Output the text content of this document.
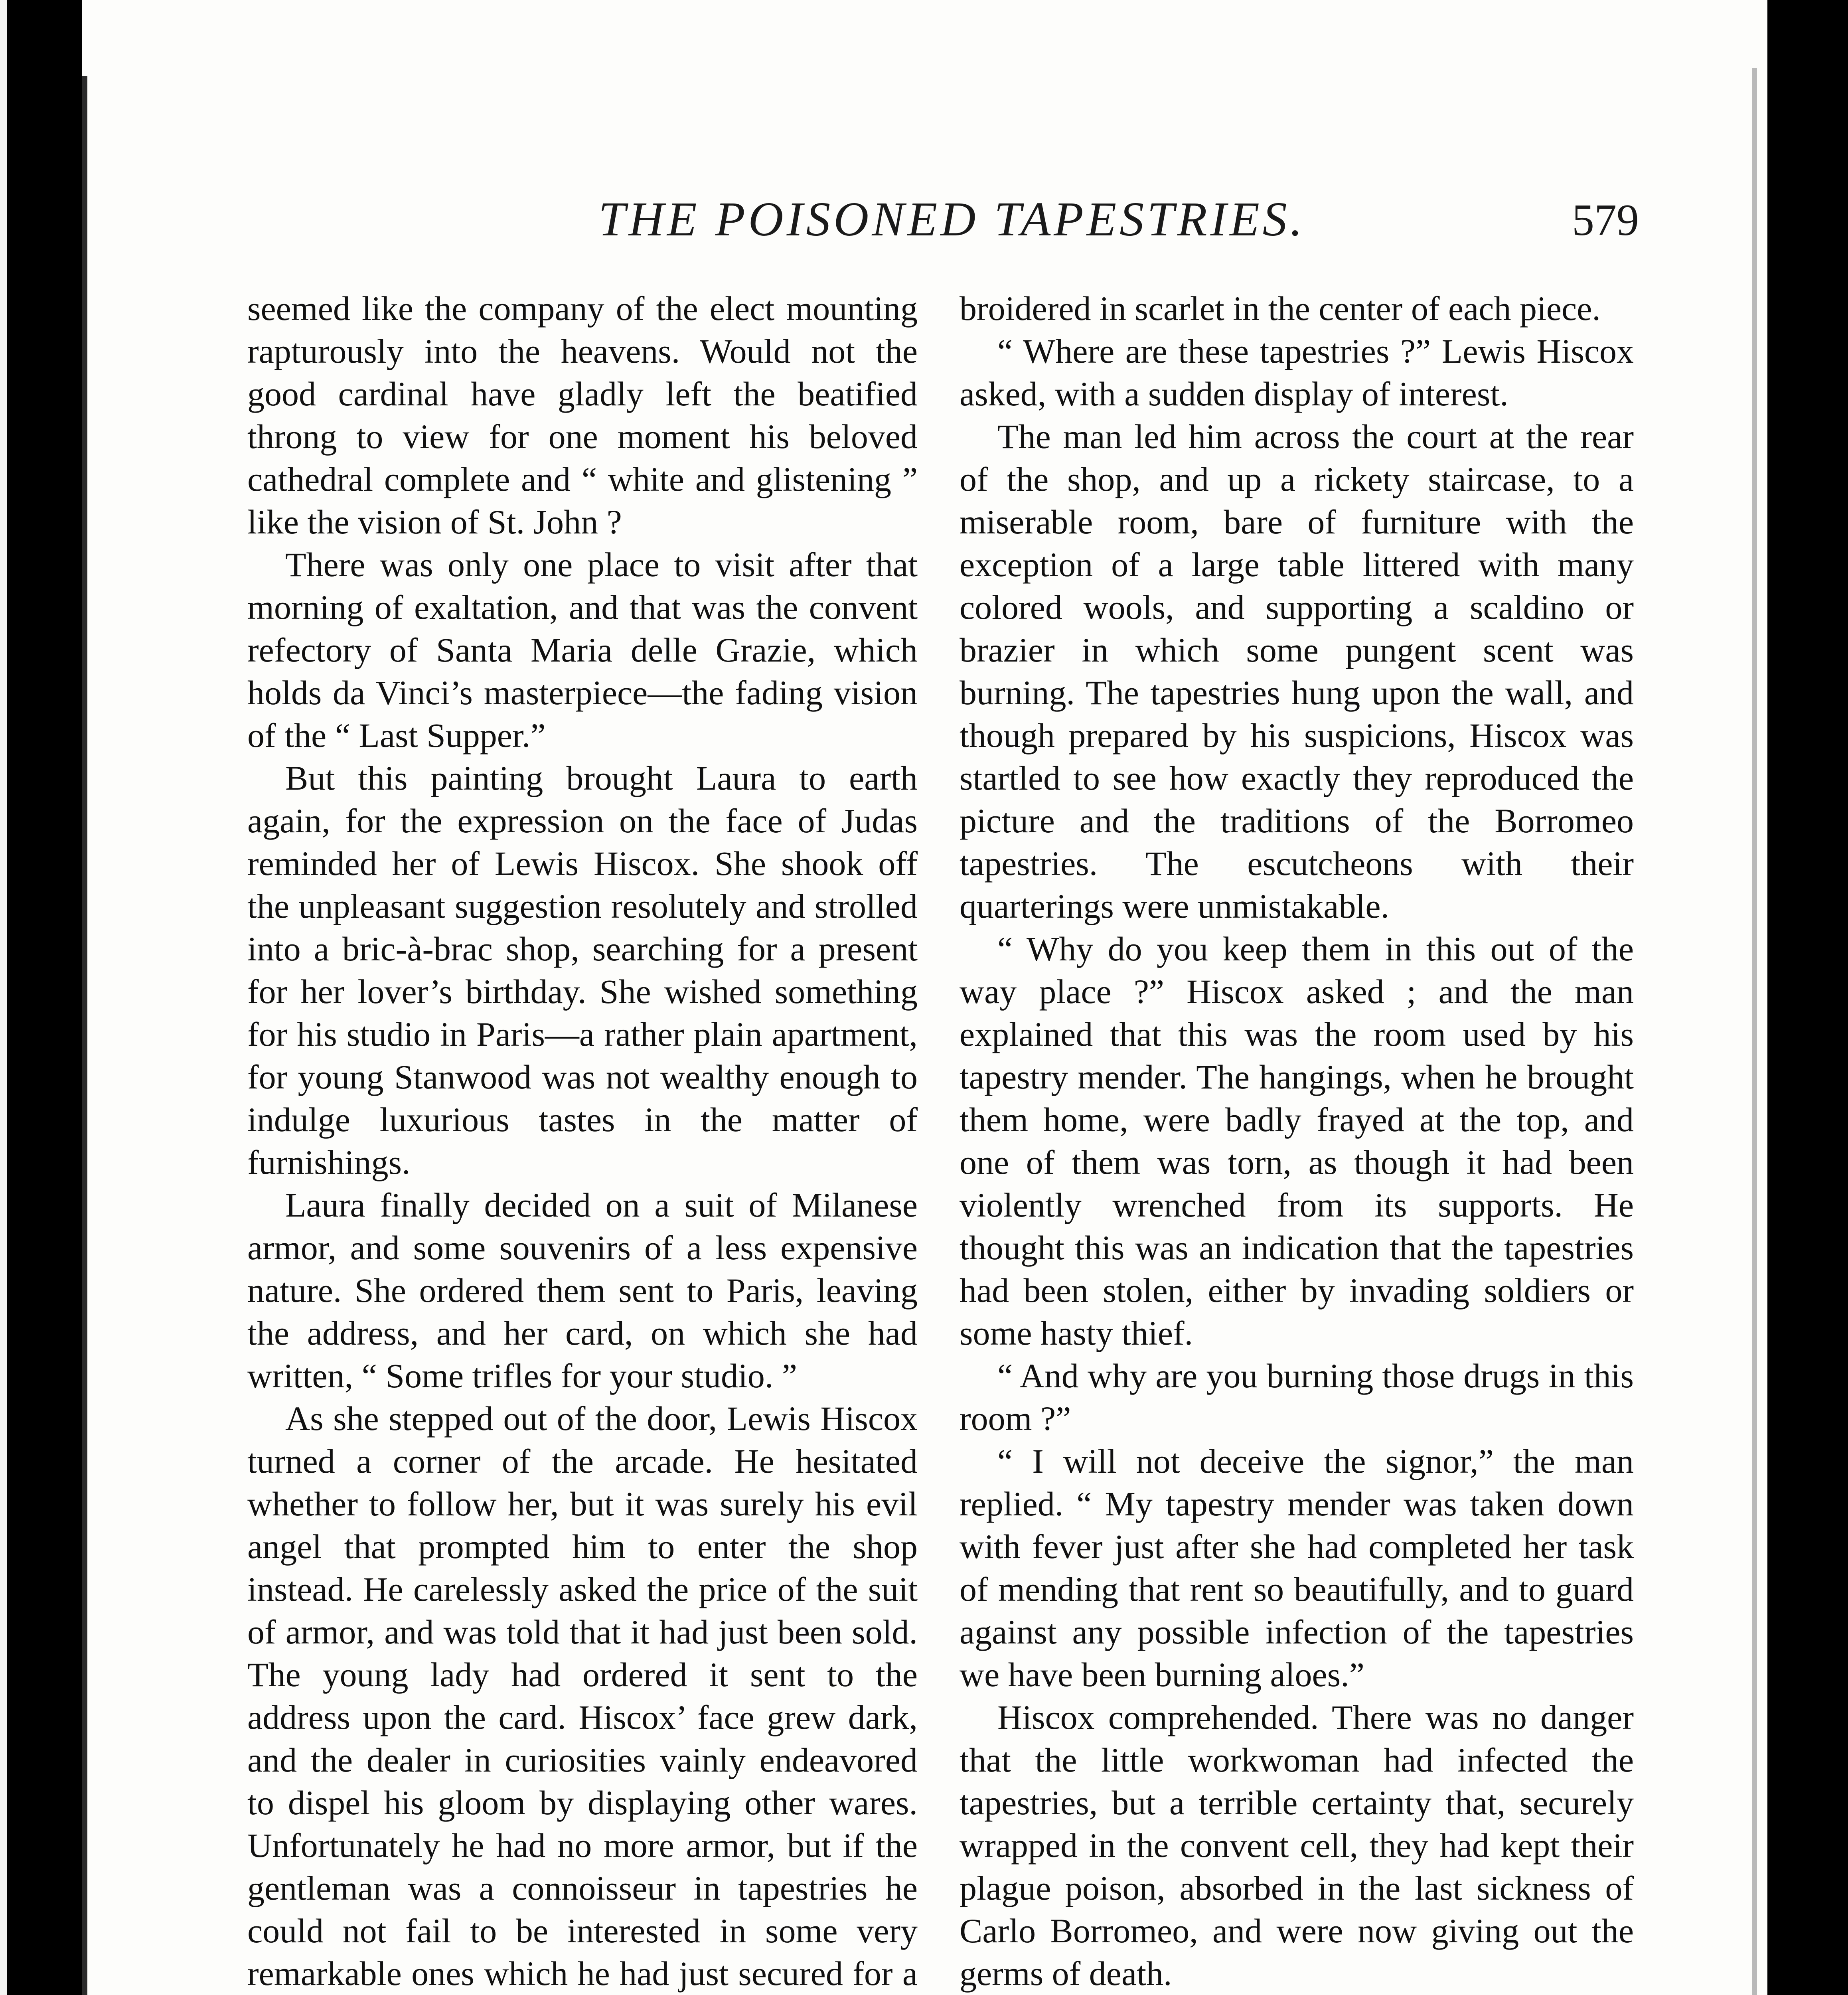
THE POISONED TAPESTRIES.	579

seemed like the company of the elect mounting rapturously into the heavens. Would not the good cardinal have gladly left the beatified throng to view for one moment his beloved cathedral complete and “ white and glistening ” like the vision of St. John ?

There was only one place to visit after that morning of exaltation, and that was the convent refectory of Santa Maria delle Grazie, which holds da Vinci’s masterpiece—the fading vision of the “ Last Supper.”

But this painting brought Laura to earth again, for the expression on the face of Judas reminded her of Lewis Hiscox. She shook off the unpleasant suggestion resolutely and strolled into a bric-à-brac shop, searching for a present for her lover’s birthday. She wished something for his studio in Paris—a rather plain apartment, for young Stanwood was not wealthy enough to indulge luxurious tastes in the matter of furnishings.

Laura finally decided on a suit of Milanese armor, and some souvenirs of a less expensive nature. She ordered them sent to Paris, leaving the address, and her card, on which she had written, “ Some trifles for your studio. ”

As she stepped out of the door, Lewis Hiscox turned a corner of the arcade. He hesitated whether to follow her, but it was surely his evil angel that prompted him to enter the shop instead. He carelessly asked the price of the suit of armor, and was told that it had just been sold. The young lady had ordered it sent to the address upon the card. Hiscox’ face grew dark, and the dealer in curiosities vainly endeavored to dispel his gloom by displaying other wares. Unfortunately he had no more armor, but if the gentleman was a connoisseur in tapestries he could not fail to be interested in some very remarkable ones which he had just secured for a

broidered in scarlet in the center of each piece.

“ Where are these tapestries ?” Lewis Hiscox asked, with a sudden display of interest.

The man led him across the court at the rear of the shop, and up a rickety staircase, to a miserable room, bare of furniture with the exception of a large table littered with many colored wools, and supporting a scaldino or brazier in which some pungent scent was burning. The tapestries hung upon the wall, and though prepared by his suspicions, Hiscox was startled to see how exactly they reproduced the picture and the traditions of the Borromeo tapestries. The escutcheons with their quarterings were unmistakable.

“ Why do you keep them in this out of the way place ?” Hiscox asked ; and the man explained that this was the room used by his tapestry mender. The hangings, when he brought them home, were badly frayed at the top, and one of them was torn, as though it had been violently wrenched from its supports. He thought this was an indication that the tapestries had been stolen, either by invading soldiers or some hasty thief.

“ And why are you burning those drugs in this room ?”

“ I will not deceive the signor,” the man replied. “ My tapestry mender was taken down with fever just after she had completed her task of mending that rent so beautifully, and to guard against any possible infection of the tapestries we have been burning aloes.”

Hiscox comprehended. There was no danger that the little workwoman had infected the tapestries, but a terrible certainty that, securely wrapped in the convent cell, they had kept their plague poison, absorbed in the last sickness of Carlo Borromeo, and were now giving out the germs of death.
